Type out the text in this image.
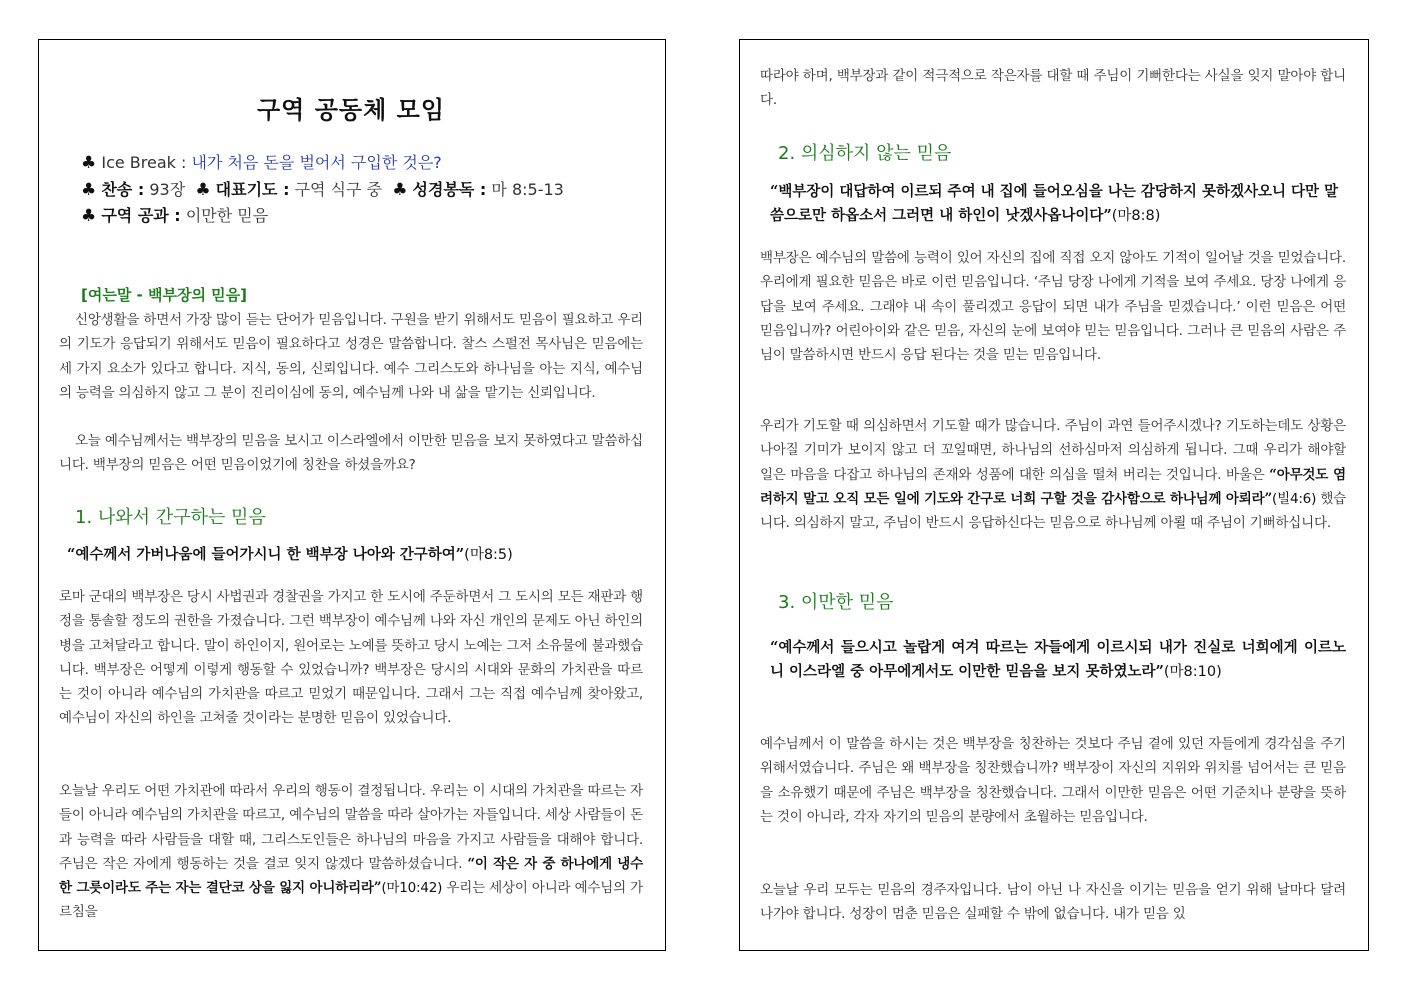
구역 공동체 모임
♣ Ice Break : 내가 처음 돈을 벌어서 구입한 것은?
♣ 찬송 : 93장 ♣ 대표기도 : 구역 식구 중 ♣ 성경봉독 : 마 8:5-13
♣ 구역 공과 : 이만한 믿음
[여는말 - 백부장의 믿음]

신앙생활을 하면서 가장 많이 듣는 단어가 믿음입니다. 구원을 받기 위해서도 믿음이 필요하고 우리의 기도가 응답되기 위해서도 믿음이 필요하다고 성경은 말씀합니다. 찰스 스펄전 목사님은 믿음에는 세 가지 요소가 있다고 합니다. 지식, 동의, 신뢰입니다. 예수 그리스도와 하나님을 아는 지식, 예수님의 능력을 의심하지 않고 그 분이 진리이심에 동의, 예수님께 나와 내 삶을 맡기는 신뢰입니다.

오늘 예수님께서는 백부장의 믿음을 보시고 이스라엘에서 이만한 믿음을 보지 못하였다고 말씀하십니다. 백부장의 믿음은 어떤 믿음이었기에 칭찬을 하셨을까요?

1. 나와서 간구하는 믿음
“예수께서 가버나움에 들어가시니 한 백부장 나아와 간구하여”(마8:5)

로마 군대의 백부장은 당시 사법권과 경찰권을 가지고 한 도시에 주둔하면서 그 도시의 모든 재판과 행정을 통솔할 정도의 권한을 가졌습니다. 그런 백부장이 예수님께 나와 자신 개인의 문제도 아닌 하인의 병을 고쳐달라고 합니다. 말이 하인이지, 원어로는 노예를 뜻하고 당시 노예는 그저 소유물에 불과했습니다. 백부장은 어떻게 이렇게 행동할 수 있었습니까? 백부장은 당시의 시대와 문화의 가치관을 따르는 것이 아니라 예수님의 가치관을 따르고 믿었기 때문입니다. 그래서 그는 직접 예수님께 찾아왔고, 예수님이 자신의 하인을 고쳐줄 것이라는 분명한 믿음이 있었습니다.

오늘날 우리도 어떤 가치관에 따라서 우리의 행동이 결정됩니다. 우리는 이 시대의 가치관을 따르는 자들이 아니라 예수님의 가치관을 따르고, 예수님의 말씀을 따라 살아가는 자들입니다. 세상 사람들이 돈과 능력을 따라 사람들을 대할 때, 그리스도인들은 하나님의 마음을 가지고 사람들을 대해야 합니다. 주님은 작은 자에게 행동하는 것을 결코 잊지 않겠다 말씀하셨습니다. “이 작은 자 중 하나에게 냉수 한 그릇이라도 주는 자는 결단코 상을 잃지 아니하리라”(마10:42) 우리는 세상이 아니라 예수님의 가르침을

따라야 하며, 백부장과 같이 적극적으로 작은자를 대할 때 주님이 기뻐한다는 사실을 잊지 말아야 합니다.

2. 의심하지 않는 믿음
“백부장이 대답하여 이르되 주여 내 집에 들어오심을 나는 감당하지 못하겠사오니 다만 말씀으로만 하옵소서 그러면 내 하인이 낫겠사옵나이다”(마8:8)

백부장은 예수님의 말씀에 능력이 있어 자신의 집에 직접 오지 않아도 기적이 일어날 것을 믿었습니다. 우리에게 필요한 믿음은 바로 이런 믿음입니다. ‘주님 당장 나에게 기적을 보여 주세요. 당장 나에게 응답을 보여 주세요. 그래야 내 속이 풀리겠고 응답이 되면 내가 주님을 믿겠습니다.’ 이런 믿음은 어떤 믿음입니까? 어린아이와 같은 믿음, 자신의 눈에 보여야 믿는 믿음입니다. 그러나 큰 믿음의 사람은 주님이 말씀하시면 반드시 응답 된다는 것을 믿는 믿음입니다.

우리가 기도할 때 의심하면서 기도할 때가 많습니다. 주님이 과연 들어주시겠나? 기도하는데도 상황은 나아질 기미가 보이지 않고 더 꼬일때면, 하나님의 선하심마저 의심하게 됩니다. 그때 우리가 해야할 일은 마음을 다잡고 하나님의 존재와 성품에 대한 의심을 떨쳐 버리는 것입니다. 바울은 “아무것도 염려하지 말고 오직 모든 일에 기도와 간구로 너희 구할 것을 감사함으로 하나님께 아뢰라”(빌4:6) 했습니다. 의심하지 말고, 주님이 반드시 응답하신다는 믿음으로 하나님께 아뢸 때 주님이 기뻐하십니다.

3. 이만한 믿음
“예수께서 들으시고 놀랍게 여겨 따르는 자들에게 이르시되 내가 진실로 너희에게 이르노니 이스라엘 중 아무에게서도 이만한 믿음을 보지 못하였노라”(마8:10)

예수님께서 이 말씀을 하시는 것은 백부장을 칭찬하는 것보다 주님 곁에 있던 자들에게 경각심을 주기 위해서였습니다. 주님은 왜 백부장을 칭찬했습니까? 백부장이 자신의 지위와 위치를 넘어서는 큰 믿음을 소유했기 때문에 주님은 백부장을 칭찬했습니다. 그래서 이만한 믿음은 어떤 기준치나 분량을 뜻하는 것이 아니라, 각자 자기의 믿음의 분량에서 초월하는 믿음입니다.

오늘날 우리 모두는 믿음의 경주자입니다. 남이 아닌 나 자신을 이기는 믿음을 얻기 위해 날마다 달려나가야 합니다. 성장이 멈춘 믿음은 실패할 수 밖에 없습니다. 내가 믿음 있
